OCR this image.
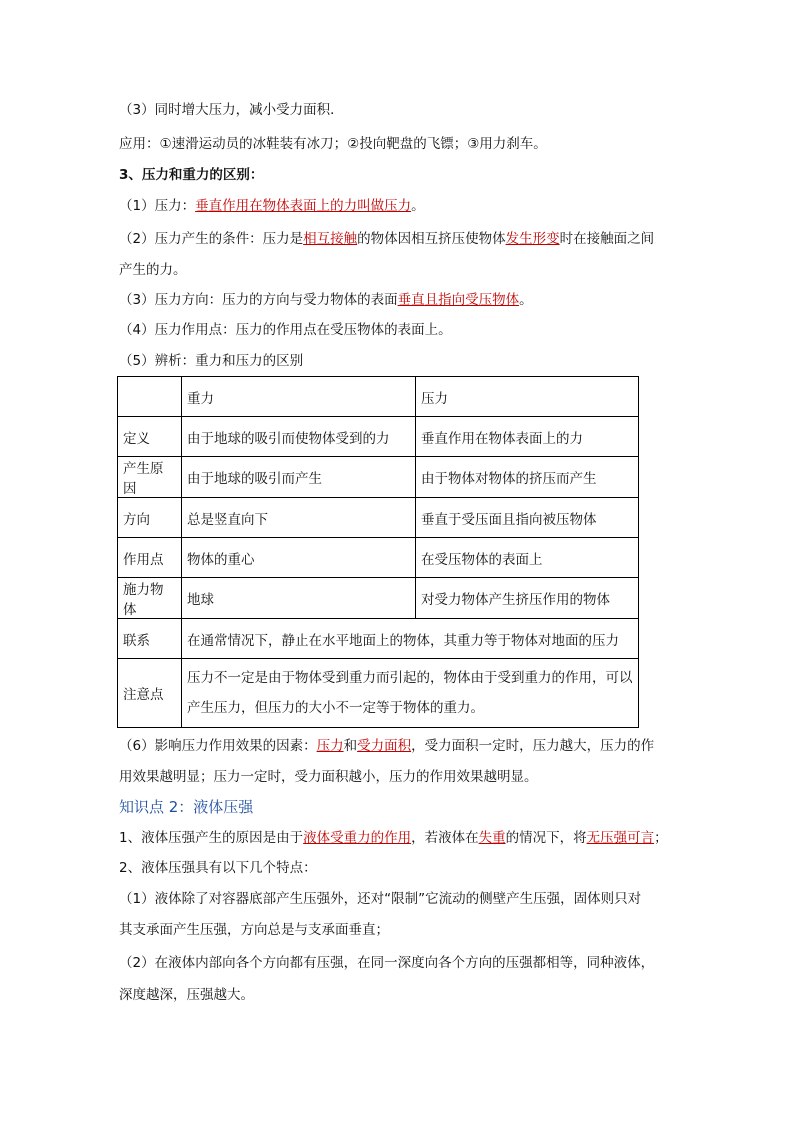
（3）同时增大压力，减小受力面积．
应用：①速滑运动员的冰鞋装有冰刀；②投向靶盘的飞镖；③用力刹车。
3、压力和重力的区别：
（1）压力：垂直作用在物体表面上的力叫做压力。
（2）压力产生的条件：压力是相互接触的物体因相互挤压使物体发生形变时在接触面之间
产生的力。
（3）压力方向：压力的方向与受力物体的表面垂直且指向受压物体。
（4）压力作用点：压力的作用点在受压物体的表面上。
（5）辨析：重力和压力的区别
	重力	压力
定义	由于地球的吸引而使物体受到的力	垂直作用在物体表面上的力
产生原因	由于地球的吸引而产生	由于物体对物体的挤压而产生
方向	总是竖直向下	垂直于受压面且指向被压物体
作用点	物体的重心	在受压物体的表面上
施力物体	地球	对受力物体产生挤压作用的物体
联系	在通常情况下，静止在水平地面上的物体，其重力等于物体对地面的压力	
注意点	压力不一定是由于物体受到重力而引起的，物体由于受到重力的作用，可以产生压力，但压力的大小不一定等于物体的重力。	
（6）影响压力作用效果的因素：压力和受力面积，受力面积一定时，压力越大，压力的作
用效果越明显；压力一定时，受力面积越小，压力的作用效果越明显。
知识点 2：液体压强
1、液体压强产生的原因是由于液体受重力的作用，若液体在失重的情况下，将无压强可言；
2、液体压强具有以下几个特点：
（1）液体除了对容器底部产生压强外，还对“限制”它流动的侧壁产生压强，固体则只对
其支承面产生压强，方向总是与支承面垂直；
（2）在液体内部向各个方向都有压强，在同一深度向各个方向的压强都相等，同种液体，
深度越深，压强越大。
